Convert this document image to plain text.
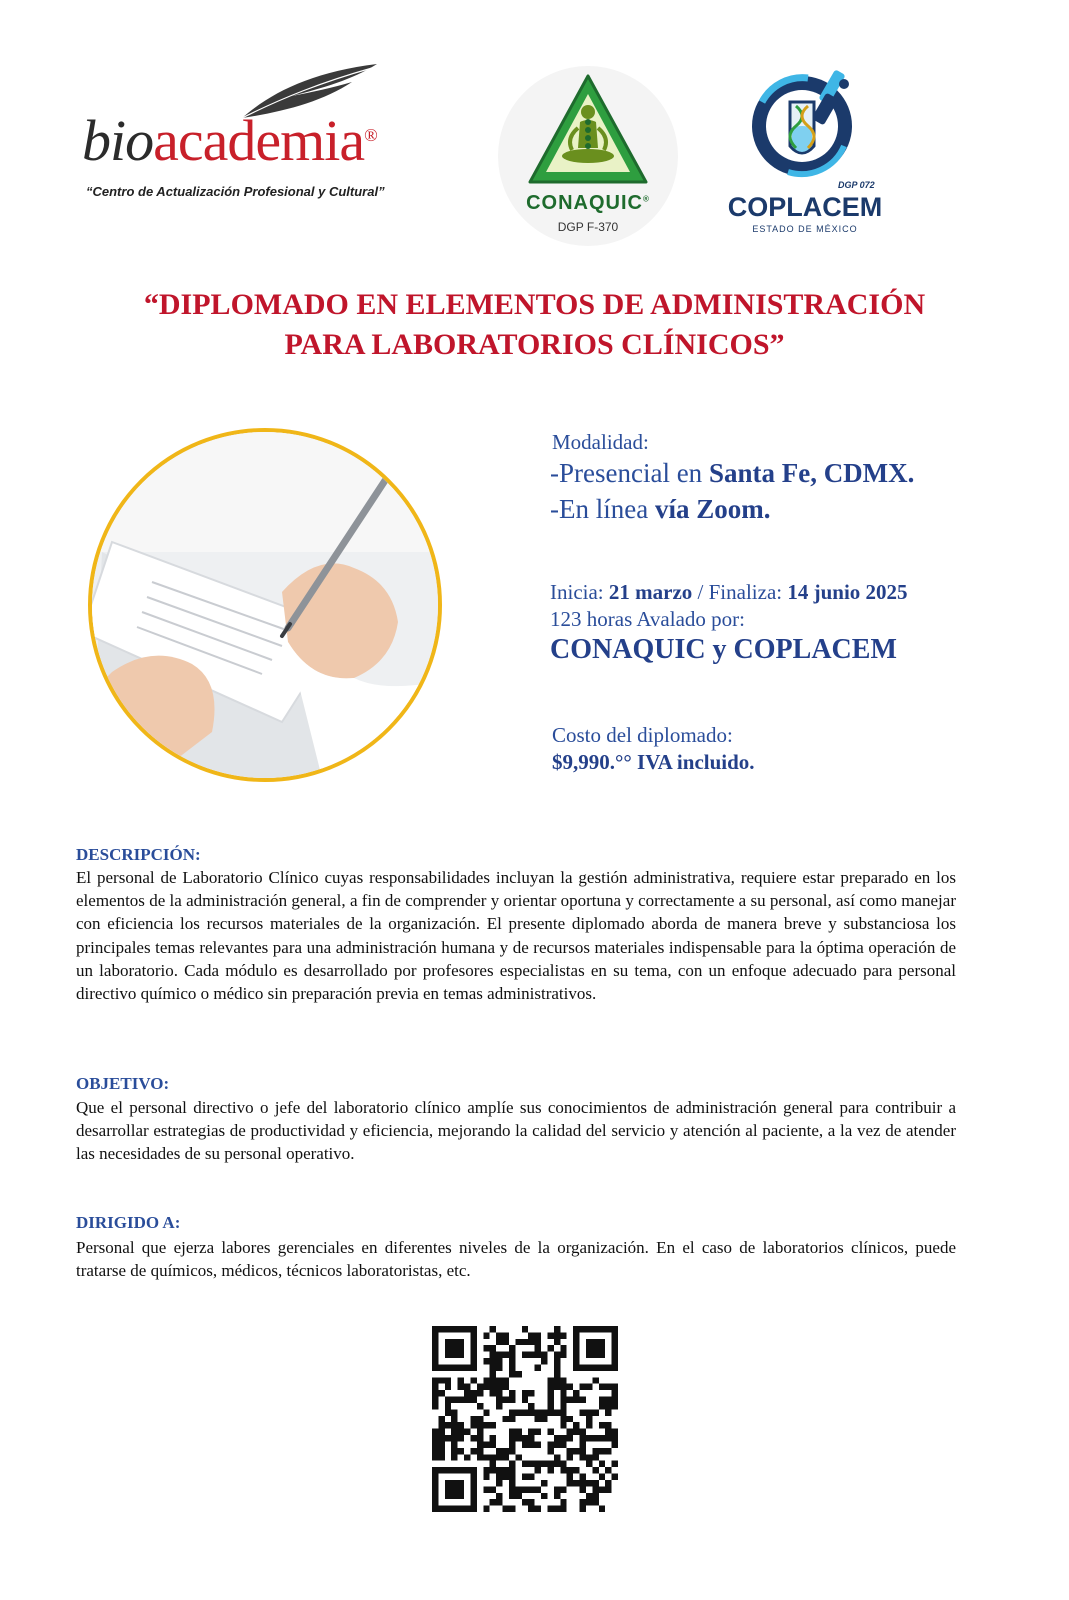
bioacademia®
“Centro de Actualización Profesional y Cultural”
CONAQUIC®
DGP F-370
DGP 072
COPLACEM
ESTADO DE MÉXICO
“DIPLOMADO EN ELEMENTOS DE ADMINISTRACIÓN
PARA LABORATORIOS CLÍNICOS”
Modalidad:
-Presencial en Santa Fe, CDMX.
-En línea vía Zoom.
Inicia: 21 marzo / Finaliza: 14 junio 2025
123 horas Avalado por:
CONAQUIC y COPLACEM
Costo del diplomado:
$9,990.°° IVA incluido.
DESCRIPCIÓN:
El personal de Laboratorio Clínico cuyas responsabilidades incluyan la gestión administrativa, requiere estar preparado en los elementos de la administración general, a fin de comprender y orientar oportuna y correctamente a su personal, así como manejar con eficiencia los recursos materiales de la organización. El presente diplomado aborda de manera breve y substanciosa los principales temas relevantes para una administración humana y de recursos materiales indispensable para la óptima operación de un laboratorio. Cada módulo es desarrollado por profesores especialistas en su tema, con un enfoque adecuado para personal directivo químico o médico sin preparación previa en temas administrativos.
OBJETIVO:
Que el personal directivo o jefe del laboratorio clínico amplíe sus conocimientos de administración general para contribuir a desarrollar estrategias de productividad y eficiencia, mejorando la calidad del servicio y atención al paciente, a la vez de atender las necesidades de su personal operativo.
DIRIGIDO A:
Personal que ejerza labores gerenciales en diferentes niveles de la organización. En el caso de laboratorios clínicos, puede tratarse de químicos, médicos, técnicos laboratoristas, etc.
